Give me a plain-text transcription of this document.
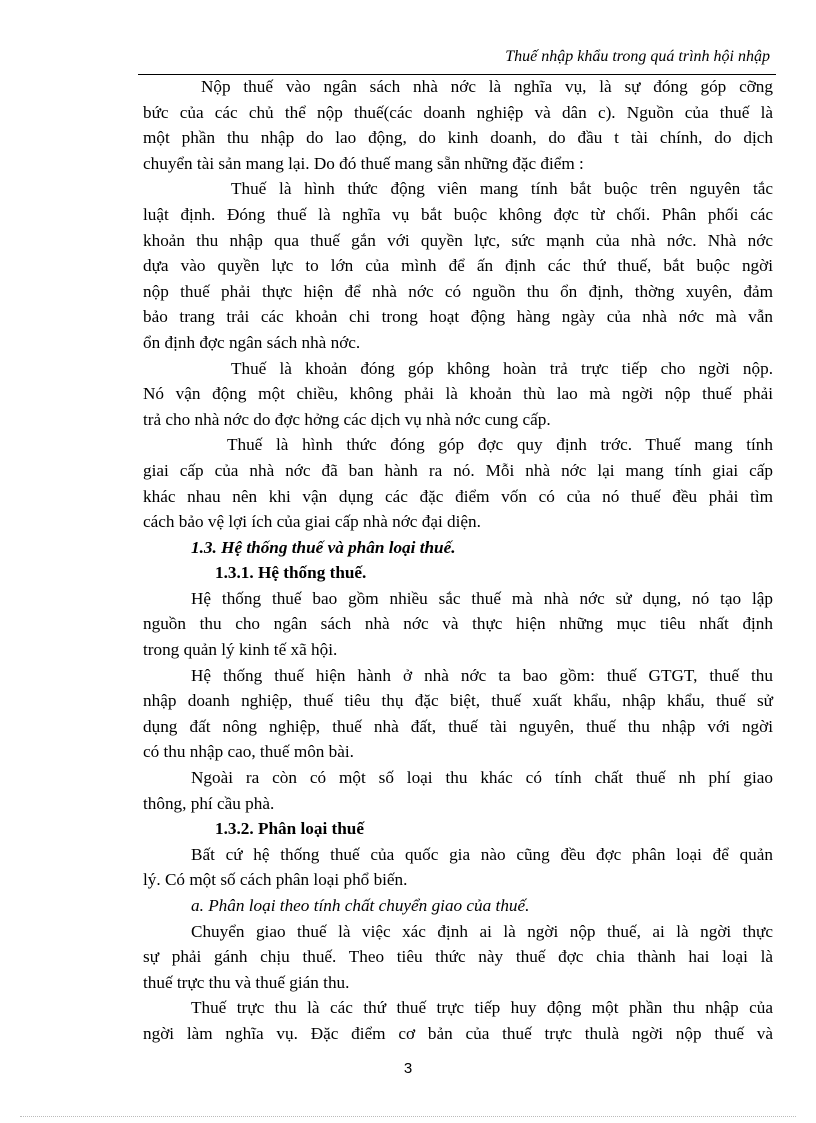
Thuế nhập khẩu trong quá trình hội nhập
Nộp thuế vào ngân sách nhà nớc là nghĩa vụ, là sự đóng góp cỡng
bức của các chủ thể nộp thuế(các doanh nghiệp và dân c). Nguồn của thuế là
một phần thu nhập do lao động, do kinh doanh, do đầu t tài chính, do dịch
chuyển tài sản mang lại. Do đó thuế mang sẵn những đặc điểm :
Thuế là hình thức động viên mang tính bắt buộc trên nguyên tắc
luật định. Đóng thuế là nghĩa vụ bắt buộc không đợc từ chối. Phân phối các
khoản thu nhập qua thuế gắn với quyền lực, sức mạnh của nhà nớc. Nhà nớc
dựa vào quyền lực to lớn của mình để ấn định các thứ thuế, bắt buộc ngời
nộp thuế phải thực hiện để nhà nớc có nguồn thu ổn định, thờng xuyên, đảm
bảo trang trải các khoản chi trong hoạt động hàng ngày của nhà nớc mà vẫn
ổn định đợc ngân sách nhà nớc.
Thuế là khoản đóng góp không hoàn trả trực tiếp cho ngời nộp.
Nó vận động một chiều, không phải là khoản thù lao mà ngời nộp thuế phải
trả cho nhà nớc do đợc hởng các dịch vụ nhà nớc cung cấp.
Thuế là hình thức đóng góp đợc quy định trớc. Thuế mang tính
giai cấp của nhà nớc đã ban hành ra nó. Mỗi nhà nớc lại mang tính giai cấp
khác nhau nên khi vận dụng các đặc điểm vốn có của nó thuế đều phải tìm
cách bảo vệ lợi ích của giai cấp nhà nớc đại diện.
1.3. Hệ thống thuế và phân loại thuế.
1.3.1. Hệ thống thuế.
Hệ thống thuế bao gồm nhiều sắc thuế mà nhà nớc sử dụng, nó tạo lập
nguồn thu cho ngân sách nhà nớc và thực hiện những mục tiêu nhất định
trong quản lý kinh tế xã hội.
Hệ thống thuế hiện hành ở nhà nớc ta bao gồm: thuế GTGT, thuế thu
nhập doanh nghiệp, thuế tiêu thụ đặc biệt, thuế xuất khẩu, nhập khẩu, thuế sử
dụng đất nông nghiệp, thuế nhà đất, thuế tài nguyên, thuế thu nhập với ngời
có thu nhập cao, thuế môn bài.
Ngoài ra còn có một số loại thu khác có tính chất thuế nh phí giao
thông, phí cầu phà.
1.3.2. Phân loại thuế
Bất cứ hệ thống thuế của quốc gia nào cũng đều đợc phân loại để quản
lý. Có một số cách phân loại phổ biến.
a. Phân loại theo tính chất chuyển giao của thuế.
Chuyển giao thuế là việc xác định ai là ngời nộp thuế, ai là ngời thực
sự phải gánh chịu thuế. Theo tiêu thức này thuế đợc chia thành hai loại là
thuế trực thu và thuế gián thu.
Thuế trực thu là các thứ thuế trực tiếp huy động một phần thu nhập của
ngời làm nghĩa vụ. Đặc điểm cơ bản của thuế trực thulà ngời nộp thuế và
3
